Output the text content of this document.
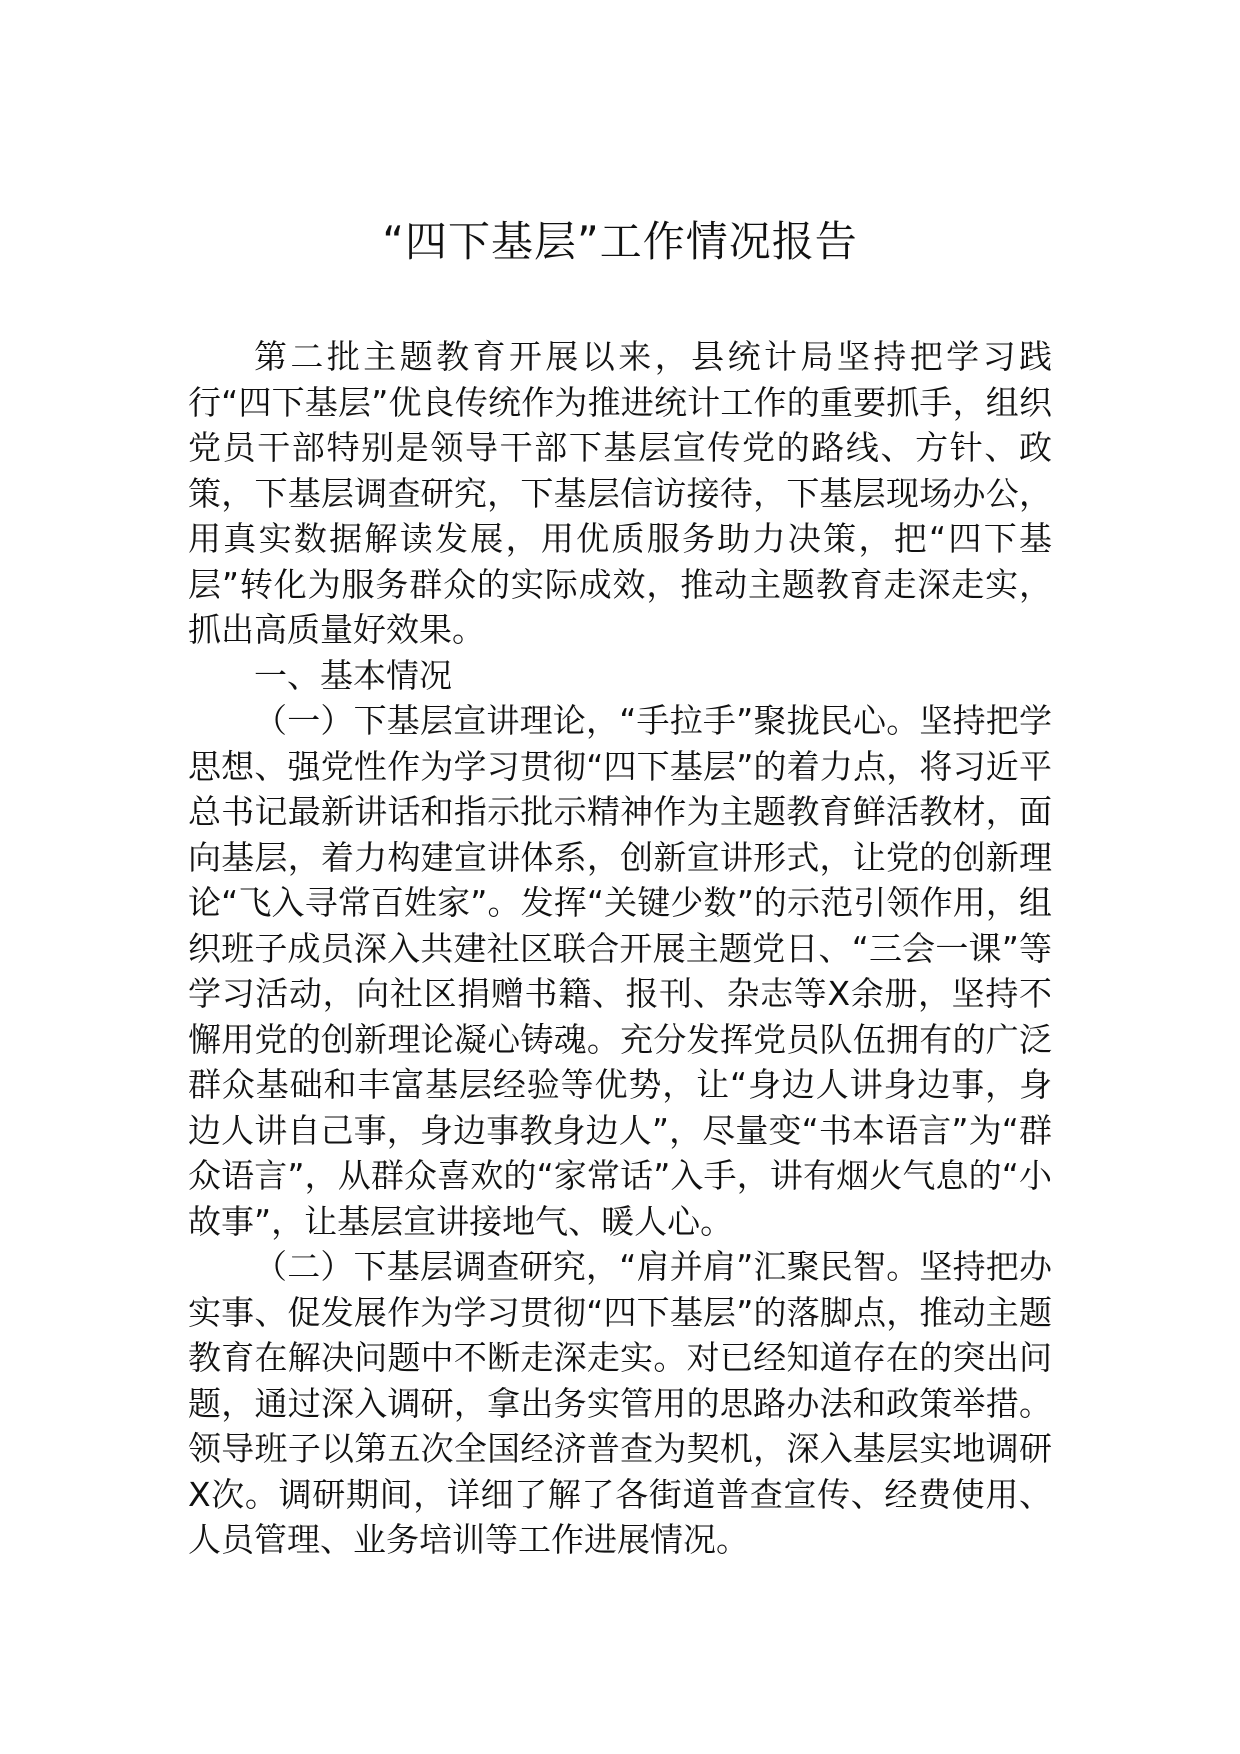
“四下基层”工作情况报告

第二批主题教育开展以来，县统计局坚持把学习践行“四下基层”优良传统作为推进统计工作的重要抓手，组织党员干部特别是领导干部下基层宣传党的路线、方针、政策，下基层调查研究，下基层信访接待，下基层现场办公，用真实数据解读发展，用优质服务助力决策，把“四下基层”转化为服务群众的实际成效，推动主题教育走深走实，抓出高质量好效果。

一、基本情况

（一）下基层宣讲理论，“手拉手”聚拢民心。坚持把学思想、强党性作为学习贯彻“四下基层”的着力点，将习近平总书记最新讲话和指示批示精神作为主题教育鲜活教材，面向基层，着力构建宣讲体系，创新宣讲形式，让党的创新理论“飞入寻常百姓家”。发挥“关键少数”的示范引领作用，组织班子成员深入共建社区联合开展主题党日、“三会一课”等学习活动，向社区捐赠书籍、报刊、杂志等X余册，坚持不懈用党的创新理论凝心铸魂。充分发挥党员队伍拥有的广泛群众基础和丰富基层经验等优势，让“身边人讲身边事，身边人讲自己事，身边事教身边人”，尽量变“书本语言”为“群众语言”，从群众喜欢的“家常话”入手，讲有烟火气息的“小故事”，让基层宣讲接地气、暖人心。

（二）下基层调查研究，“肩并肩”汇聚民智。坚持把办实事、促发展作为学习贯彻“四下基层”的落脚点，推动主题教育在解决问题中不断走深走实。对已经知道存在的突出问题，通过深入调研，拿出务实管用的思路办法和政策举措。领导班子以第五次全国经济普查为契机，深入基层实地调研X次。调研期间，详细了解了各街道普查宣传、经费使用、人员管理、业务培训等工作进展情况。
